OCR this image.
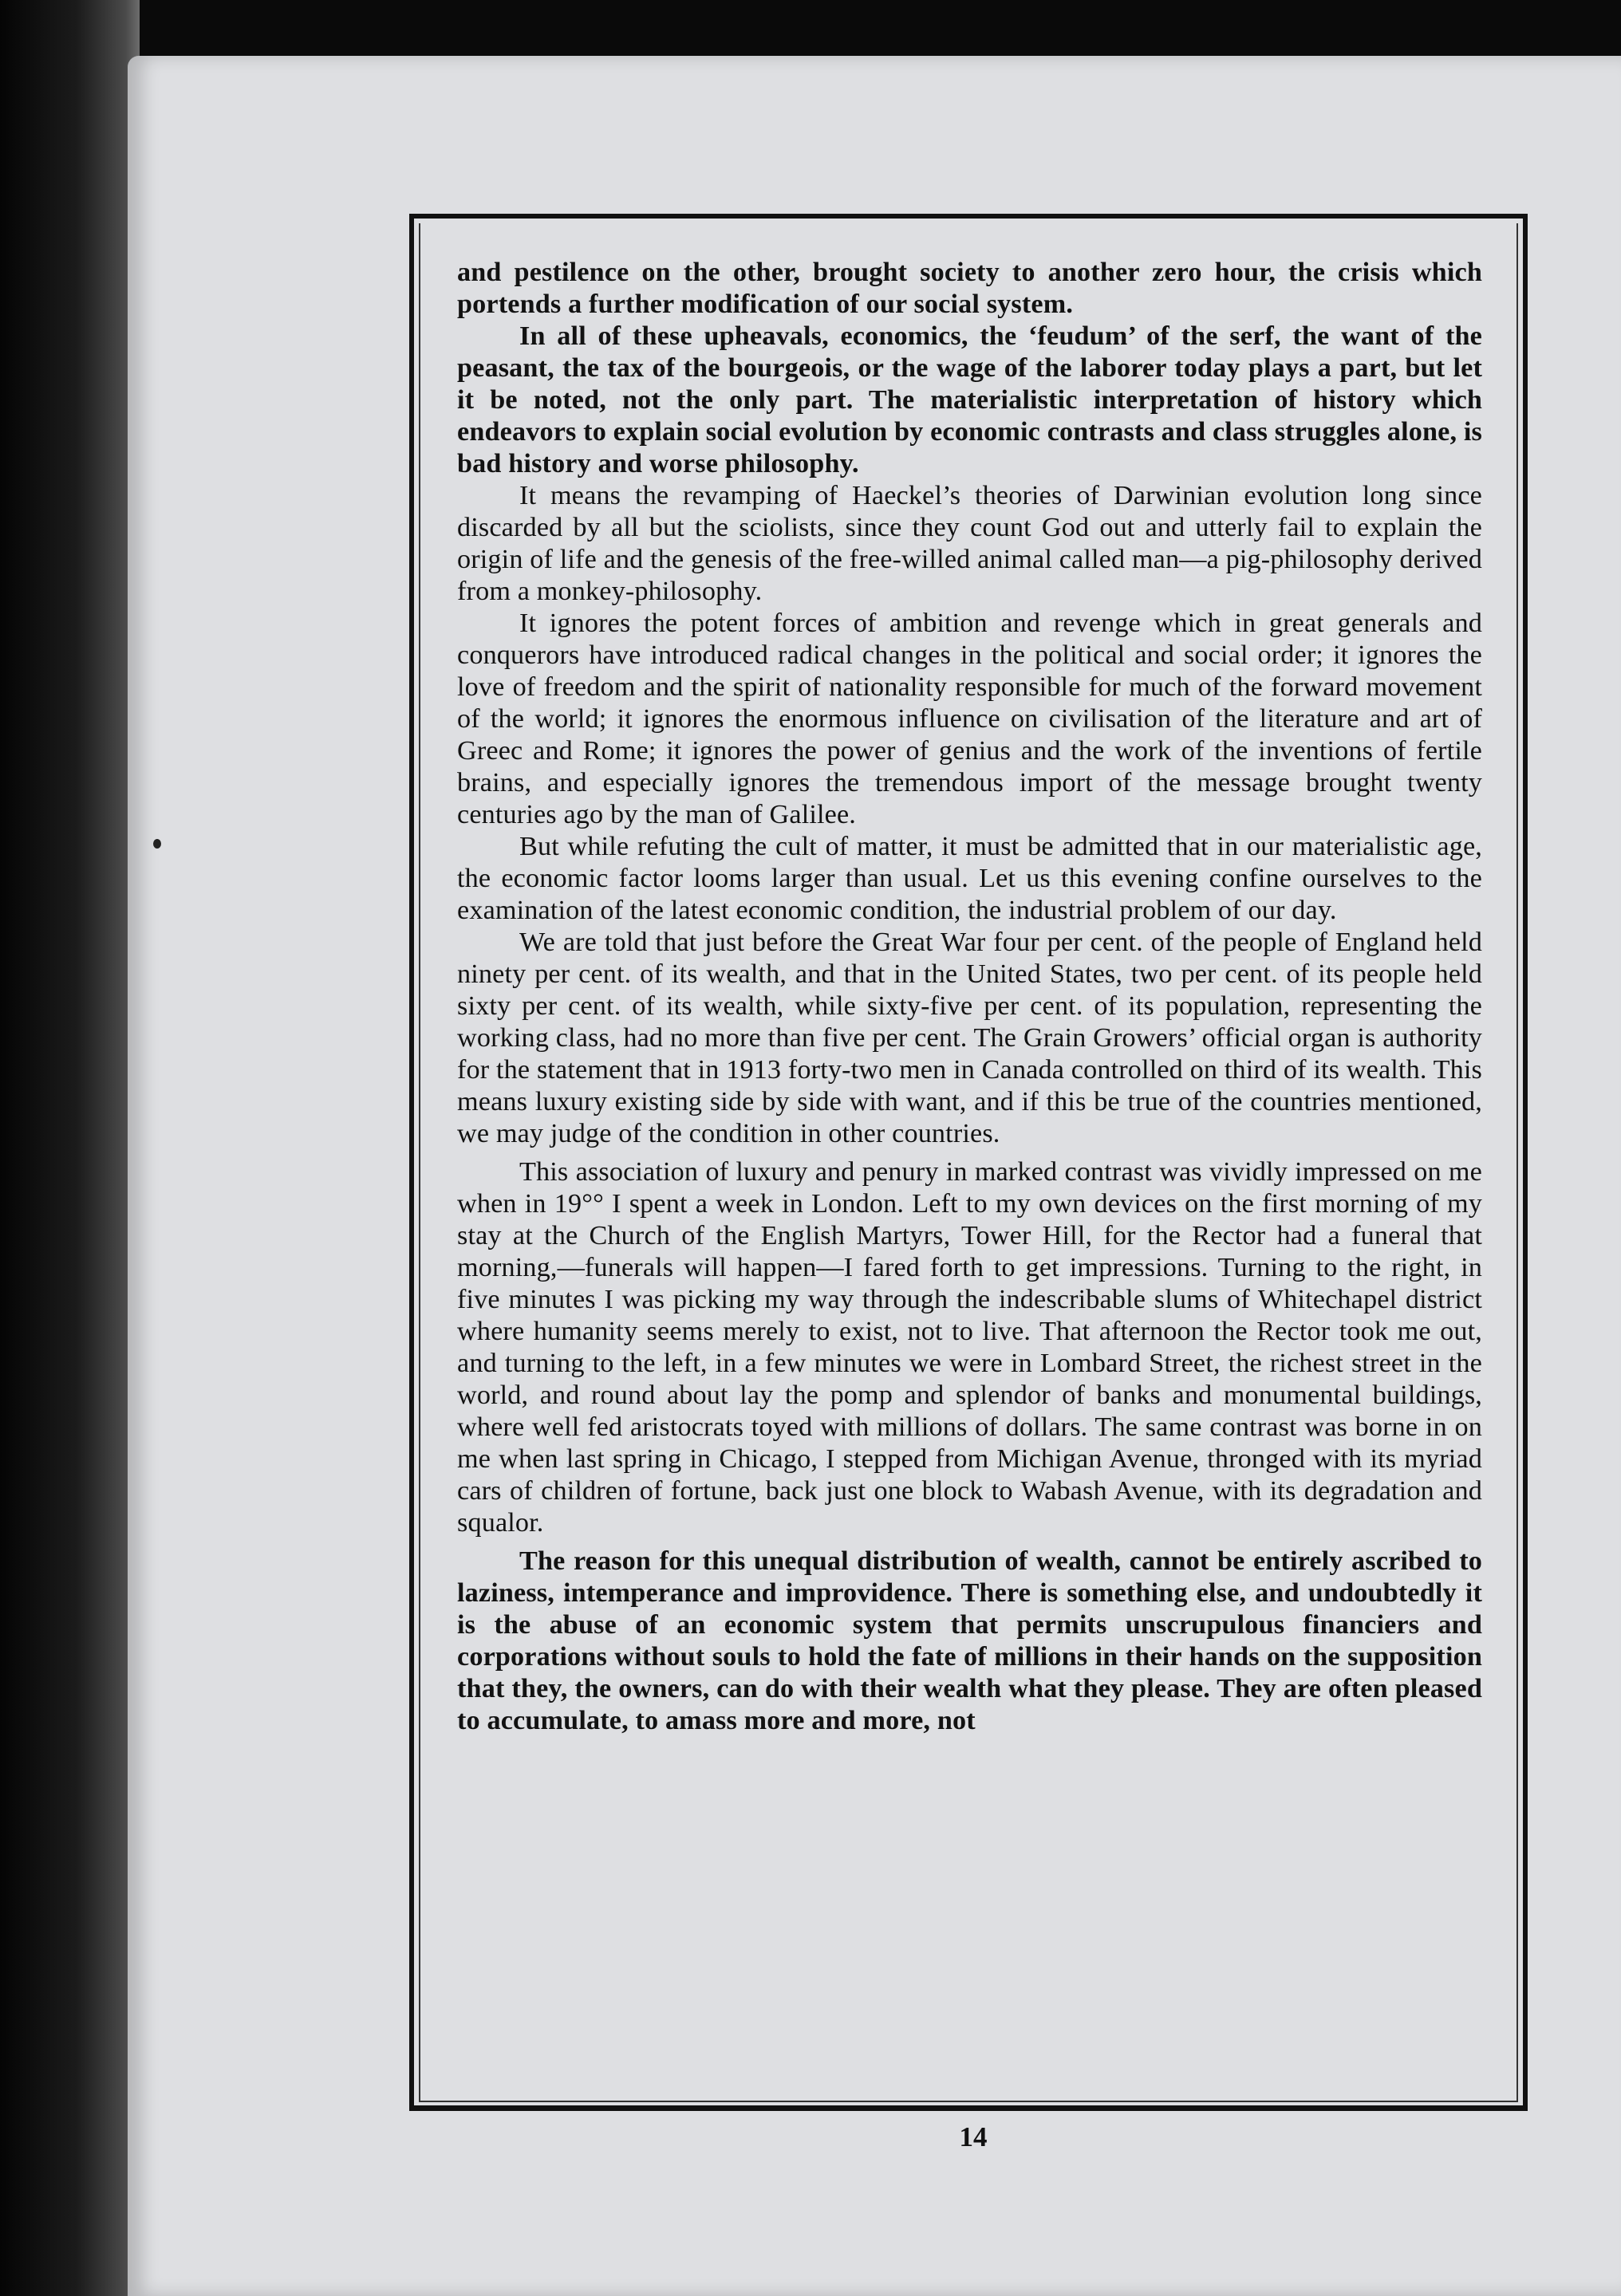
and pestilence on the other, brought society to another zero hour, the crisis which portends a further modification of our social system.

In all of these upheavals, economics, the ‘feudum’ of the serf, the want of the peasant, the tax of the bourgeois, or the wage of the laborer today plays a part, but let it be noted, not the only part. The materialistic interpretation of history which endeavors to explain social evolution by economic contrasts and class struggles alone, is bad history and worse philosophy.

It means the revamping of Haeckel’s theories of Darwinian evolution long since discarded by all but the sciolists, since they count God out and utterly fail to explain the origin of life and the genesis of the free-willed animal called man—a pig-philosophy derived from a monkey-philosophy.

It ignores the potent forces of ambition and revenge which in great generals and conquerors have introduced radical changes in the political and social order; it ignores the love of freedom and the spirit of nationality responsible for much of the forward movement of the world; it ignores the enormous influence on civilisation of the literature and art of Greec and Rome; it ignores the power of genius and the work of the inventions of fertile brains, and especially ignores the tremendous import of the message brought twenty centuries ago by the man of Galilee.

But while refuting the cult of matter, it must be admitted that in our materialistic age, the economic factor looms larger than usual. Let us this evening confine ourselves to the examination of the latest economic condition, the industrial problem of our day.

We are told that just before the Great War four per cent. of the people of England held ninety per cent. of its wealth, and that in the United States, two per cent. of its people held sixty per cent. of its wealth, while sixty-five per cent. of its population, representing the working class, had no more than five per cent. The Grain Growers’ official organ is authority for the statement that in 1913 forty-two men in Canada controlled on third of its wealth. This means luxury existing side by side with want, and if this be true of the countries mentioned, we may judge of the condition in other countries.

This association of luxury and penury in marked contrast was vividly impressed on me when in 19°° I spent a week in London. Left to my own devices on the first morning of my stay at the Church of the English Martyrs, Tower Hill, for the Rector had a funeral that morning,—funerals will happen—I fared forth to get impressions. Turning to the right, in five minutes I was picking my way through the indescribable slums of Whitechapel district where humanity seems merely to exist, not to live. That afternoon the Rector took me out, and turning to the left, in a few minutes we were in Lombard Street, the richest street in the world, and round about lay the pomp and splendor of banks and monumental buildings, where well fed aristocrats toyed with millions of dollars. The same contrast was borne in on me when last spring in Chicago, I stepped from Michigan Avenue, thronged with its myriad cars of children of fortune, back just one block to Wabash Avenue, with its degradation and squalor.

The reason for this unequal distribution of wealth, cannot be entirely ascribed to laziness, intemperance and improvidence. There is something else, and undoubtedly it is the abuse of an economic system that permits unscrupulous financiers and corporations without souls to hold the fate of millions in their hands on the supposition that they, the owners, can do with their wealth what they please. They are often pleased to accumulate, to amass more and more, not

14
